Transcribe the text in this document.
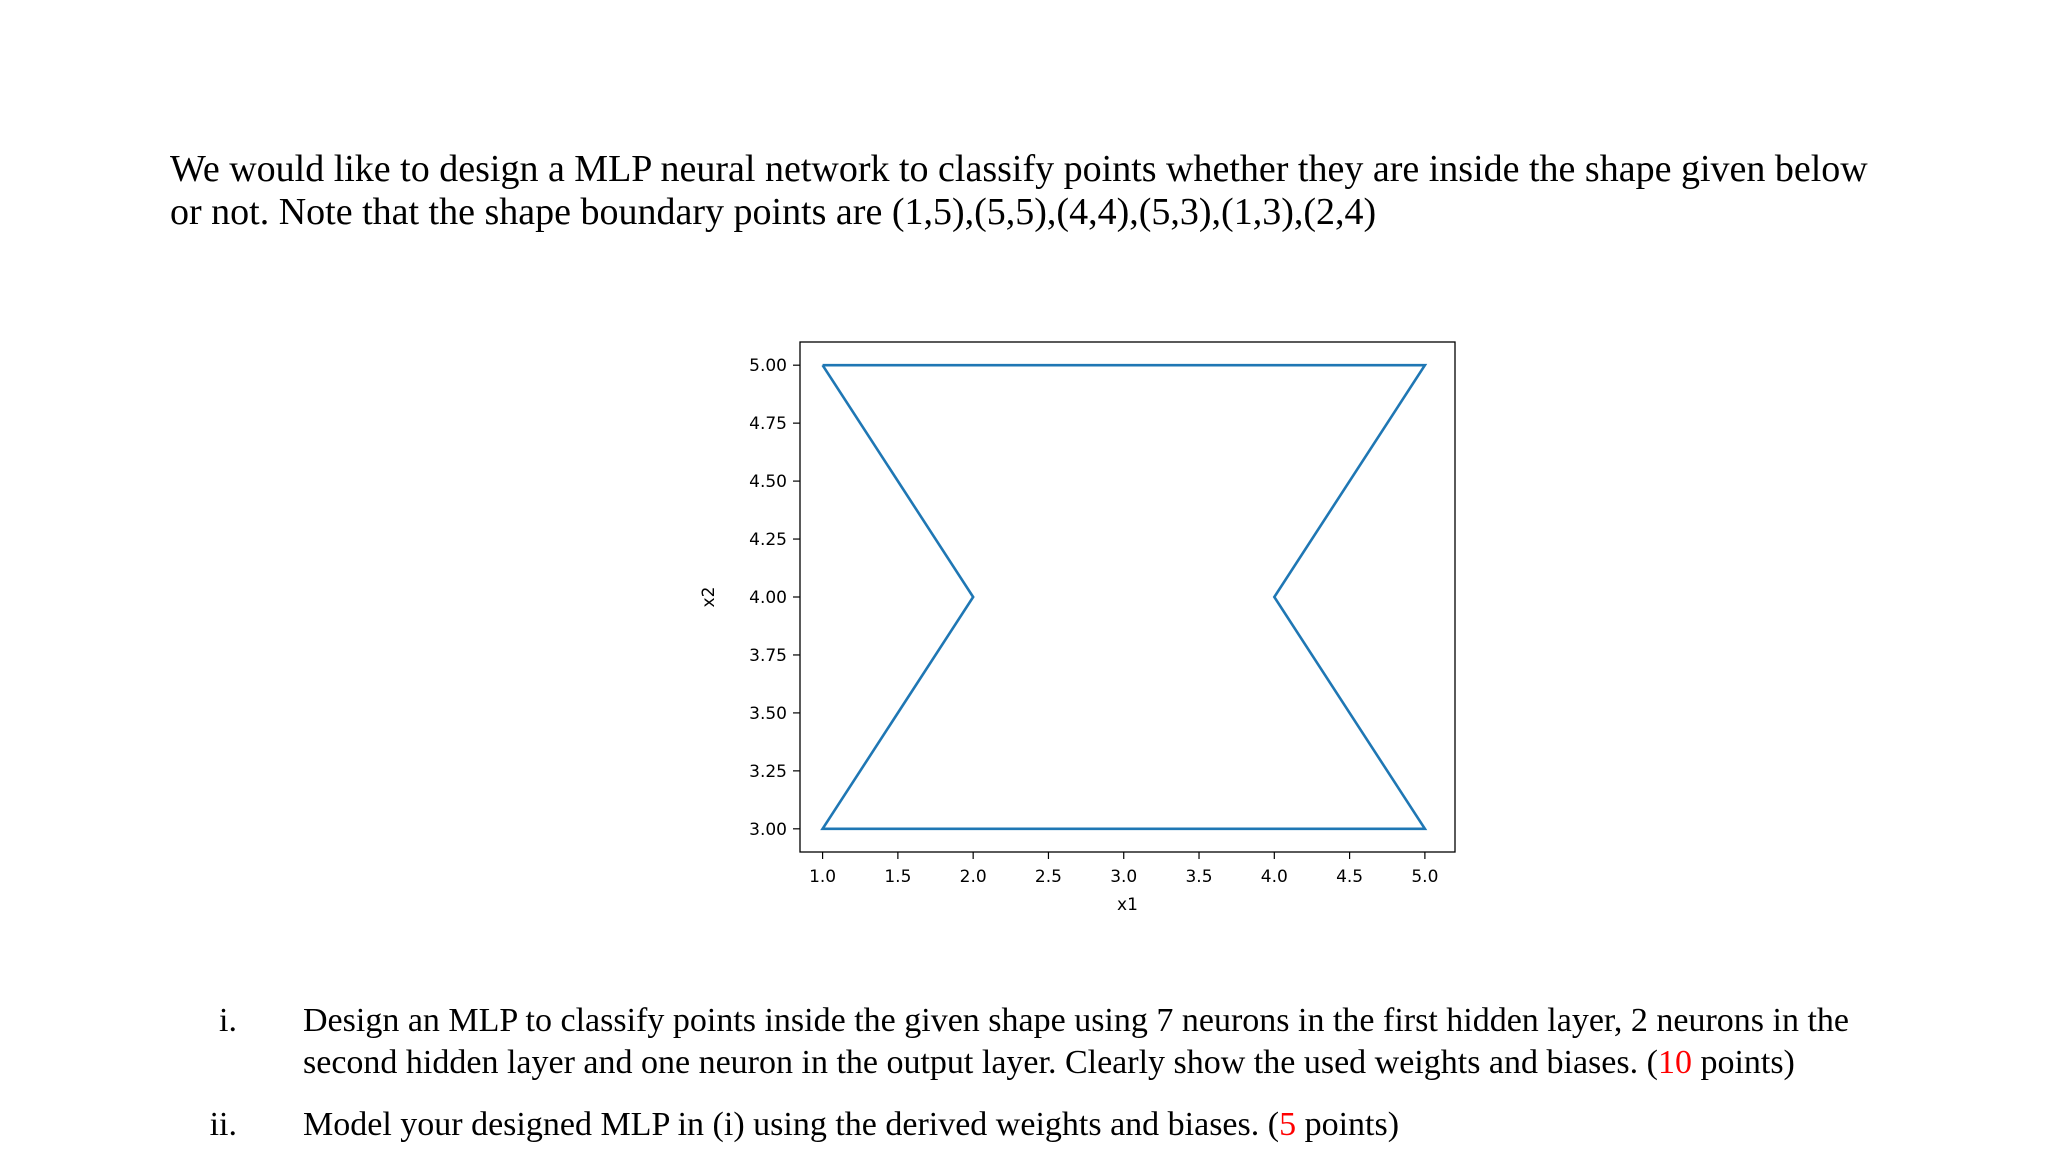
We would like to design a MLP neural network to classify points whether they are inside the shape given below

or not. Note that the shape boundary points are (1,5),(5,5),(4,4),(5,3),(1,3),(2,4)

3.00
3.25
3.50
3.75
4.00
4.25
4.50
4.75
5.00
1.0	1.5	2.0	2.5	3.0	3.5	4.0	4.5	5.0
x1
x2
i. Design an MLP to classify points inside the given shape using 7 neurons in the first hidden layer, 2 neurons in the

second hidden layer and one neuron in the output layer. Clearly show the used weights and biases. (10 points)

ii. Model your designed MLP in (i) using the derived weights and biases. (5 points)
